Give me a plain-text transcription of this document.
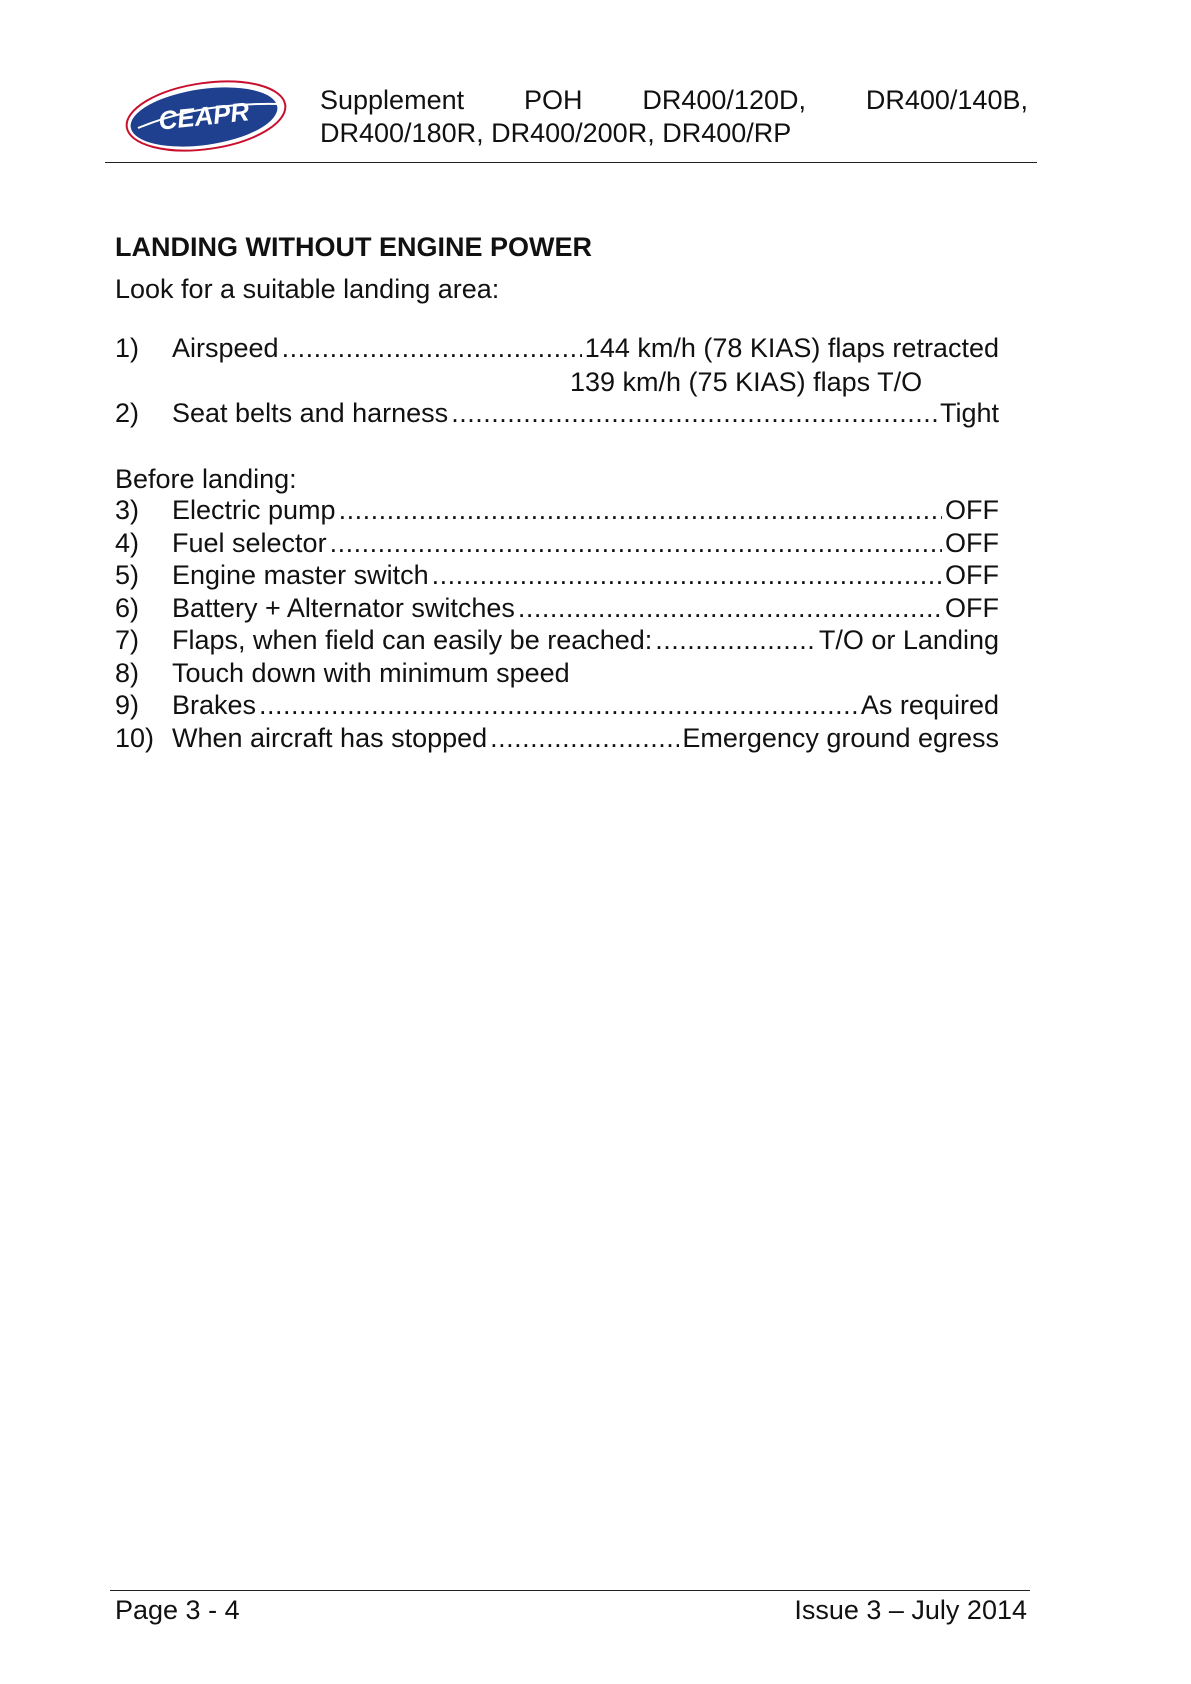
CEAPR	Supplement POH DR400/120D, DR400/140B,
DR400/180R, DR400/200R, DR400/RP
LANDING WITHOUT ENGINE POWER
Look for a suitable landing area:
1)	Airspeed .....	144 km/h (78 KIAS) flaps retracted
139 km/h (75 KIAS) flaps T/O
2)	Seat belts and harness .....	Tight
Before landing:
3)	Electric pump .....	OFF
4)	Fuel selector .....	OFF
5)	Engine master switch .....	OFF
6)	Battery + Alternator switches .....	OFF
7)	Flaps, when field can easily be reached: .....	T/O or Landing
8)	Touch down with minimum speed
9)	Brakes .....	As required
10) When aircraft has stopped .....	Emergency ground egress
Page 3 - 4	Issue 3 – July 2014
